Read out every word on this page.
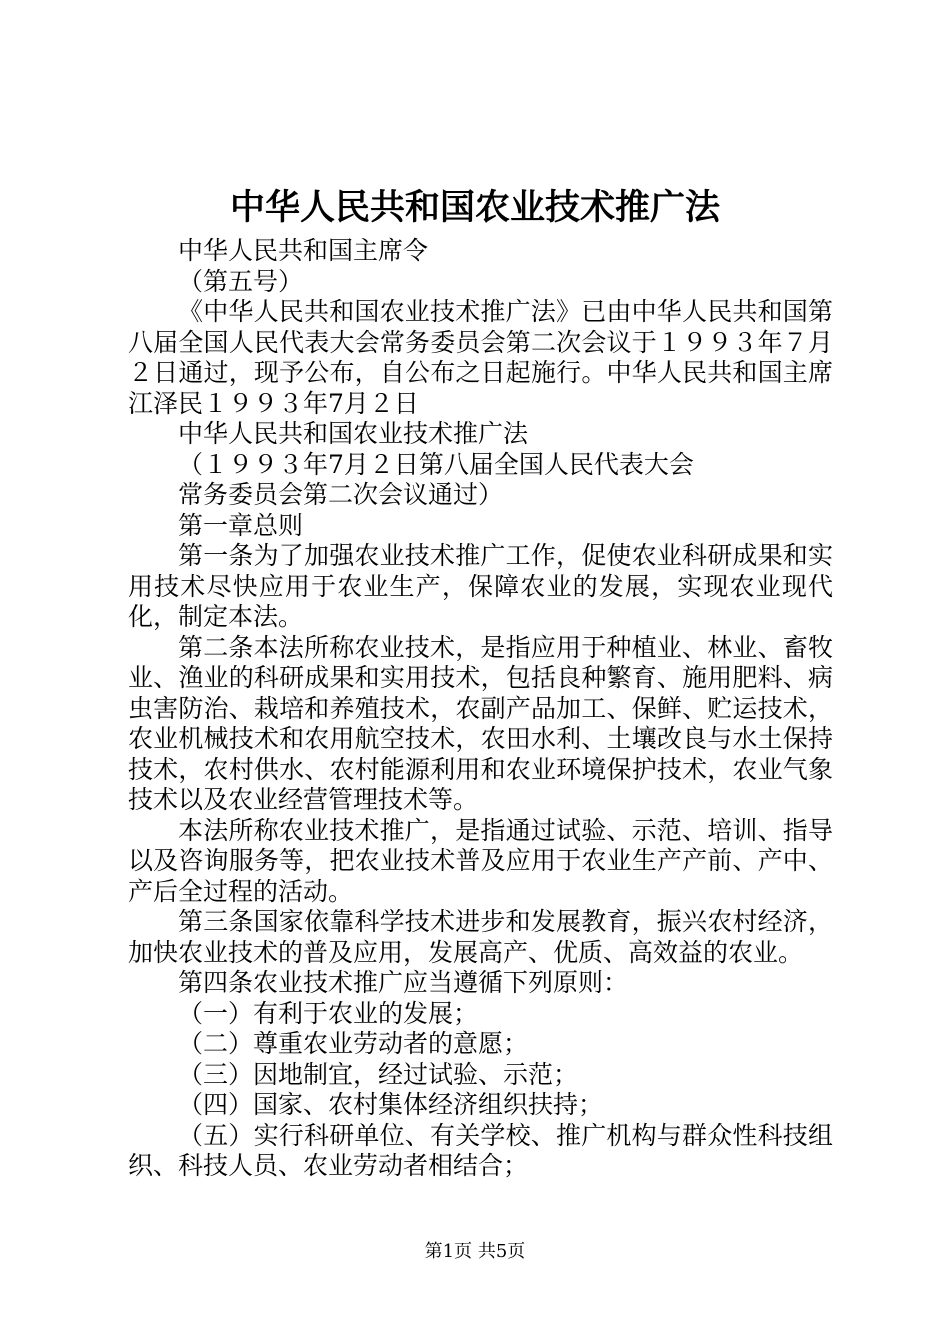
中华人民共和国农业技术推广法

中华人民共和国主席令

（第五号）

《中华人民共和国农业技术推广法》已由中华人民共和国第八届全国人民代表大会常务委员会第二次会议于１９９３年７月２日通过，现予公布，自公布之日起施行。中华人民共和国主席江泽民１９９３年7月２日

中华人民共和国农业技术推广法

（１９９３年7月２日第八届全国人民代表大会

常务委员会第二次会议通过）

第一章总则

第一条为了加强农业技术推广工作，促使农业科研成果和实用技术尽快应用于农业生产，保障农业的发展，实现农业现代化，制定本法。

第二条本法所称农业技术，是指应用于种植业、林业、畜牧业、渔业的科研成果和实用技术，包括良种繁育、施用肥料、病虫害防治、栽培和养殖技术，农副产品加工、保鲜、贮运技术，农业机械技术和农用航空技术，农田水利、土壤改良与水土保持技术，农村供水、农村能源利用和农业环境保护技术，农业气象技术以及农业经营管理技术等。

本法所称农业技术推广，是指通过试验、示范、培训、指导以及咨询服务等，把农业技术普及应用于农业生产产前、产中、产后全过程的活动。

第三条国家依靠科学技术进步和发展教育，振兴农村经济，加快农业技术的普及应用，发展高产、优质、高效益的农业。

第四条农业技术推广应当遵循下列原则：

（一）有利于农业的发展；

（二）尊重农业劳动者的意愿；

（三）因地制宜，经过试验、示范；

（四）国家、农村集体经济组织扶持；

（五）实行科研单位、有关学校、推广机构与群众性科技组织、科技人员、农业劳动者相结合；

第1页 共5页
